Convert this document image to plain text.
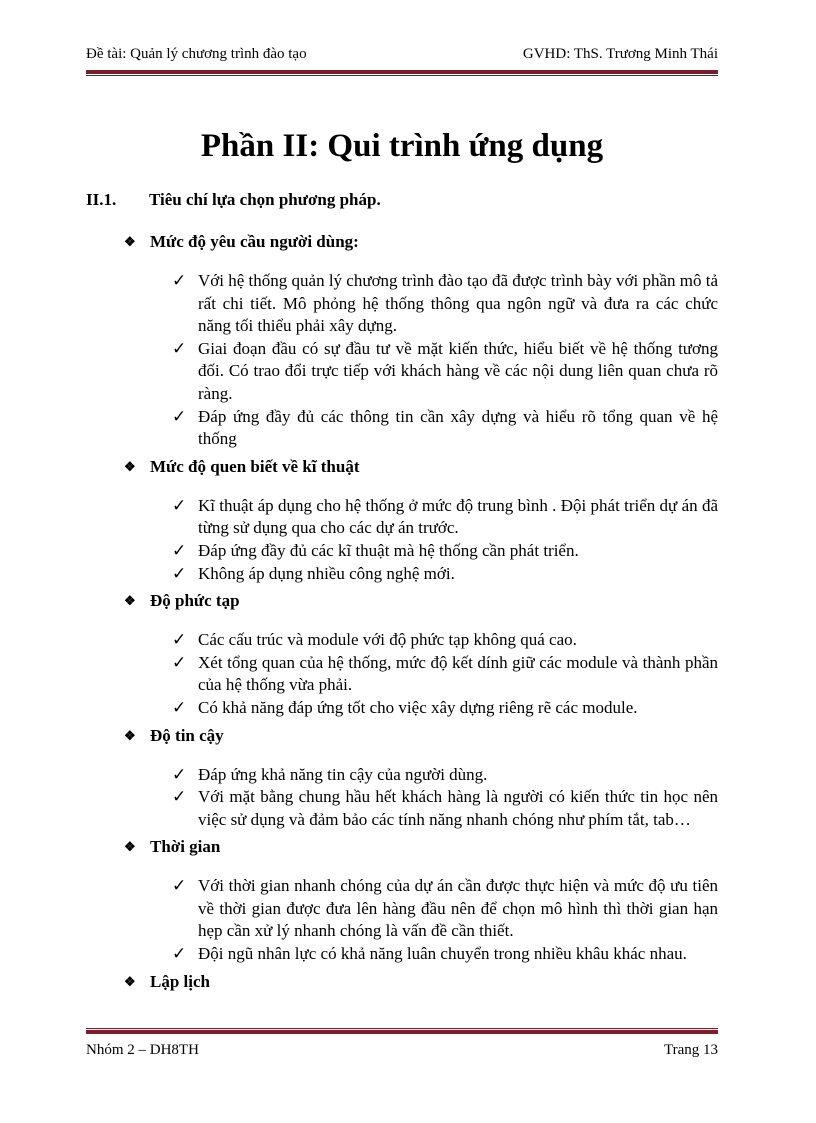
Đề tài: Quản lý chương trình đào tạo	GVHD: ThS. Trương Minh Thái
Phần II: Qui trình ứng dụng
II.1. Tiêu chí lựa chọn phương pháp.
❖ Mức độ yêu cầu người dùng:
✓ Với hệ thống quản lý chương trình đào tạo đã được trình bày với phần mô tả rất chi tiết. Mô phỏng hệ thống thông qua ngôn ngữ và đưa ra các chức năng tối thiểu phải xây dựng.
✓ Giai đoạn đầu có sự đầu tư về mặt kiến thức, hiểu biết về hệ thống tương đối. Có trao đổi trực tiếp với khách hàng về các nội dung liên quan chưa rõ ràng.
✓ Đáp ứng đầy đủ các thông tin cần xây dựng và hiểu rõ tổng quan về hệ thống
❖ Mức độ quen biết về kĩ thuật
✓ Kĩ thuật áp dụng cho hệ thống ở mức độ trung bình . Đội phát triển dự án đã từng sử dụng qua cho các dự án trước.
✓ Đáp ứng đầy đủ các kĩ thuật mà hệ thống cần phát triển.
✓ Không áp dụng nhiều công nghệ mới.
❖ Độ phức tạp
✓ Các cấu trúc và module với độ phức tạp không quá cao.
✓ Xét tổng quan của hệ thống, mức độ kết dính giữ các module và thành phần của hệ thống vừa phải.
✓ Có khả năng đáp ứng tốt cho việc xây dựng riêng rẽ các module.
❖ Độ tin cậy
✓ Đáp ứng khả năng tin cậy của người dùng.
✓ Với mặt bằng chung hầu hết khách hàng là người có kiến thức tin học nên việc sử dụng và đảm bảo các tính năng nhanh chóng như phím tắt, tab…
❖ Thời gian
✓ Với thời gian nhanh chóng của dự án cần được thực hiện và mức độ ưu tiên về thời gian được đưa lên hàng đầu nên để chọn mô hình thì thời gian hạn hẹp cần xử lý nhanh chóng là vấn đề cần thiết.
✓ Đội ngũ nhân lực có khả năng luân chuyển trong nhiều khâu khác nhau.
❖ Lập lịch
Nhóm 2 – DH8TH	Trang 13
